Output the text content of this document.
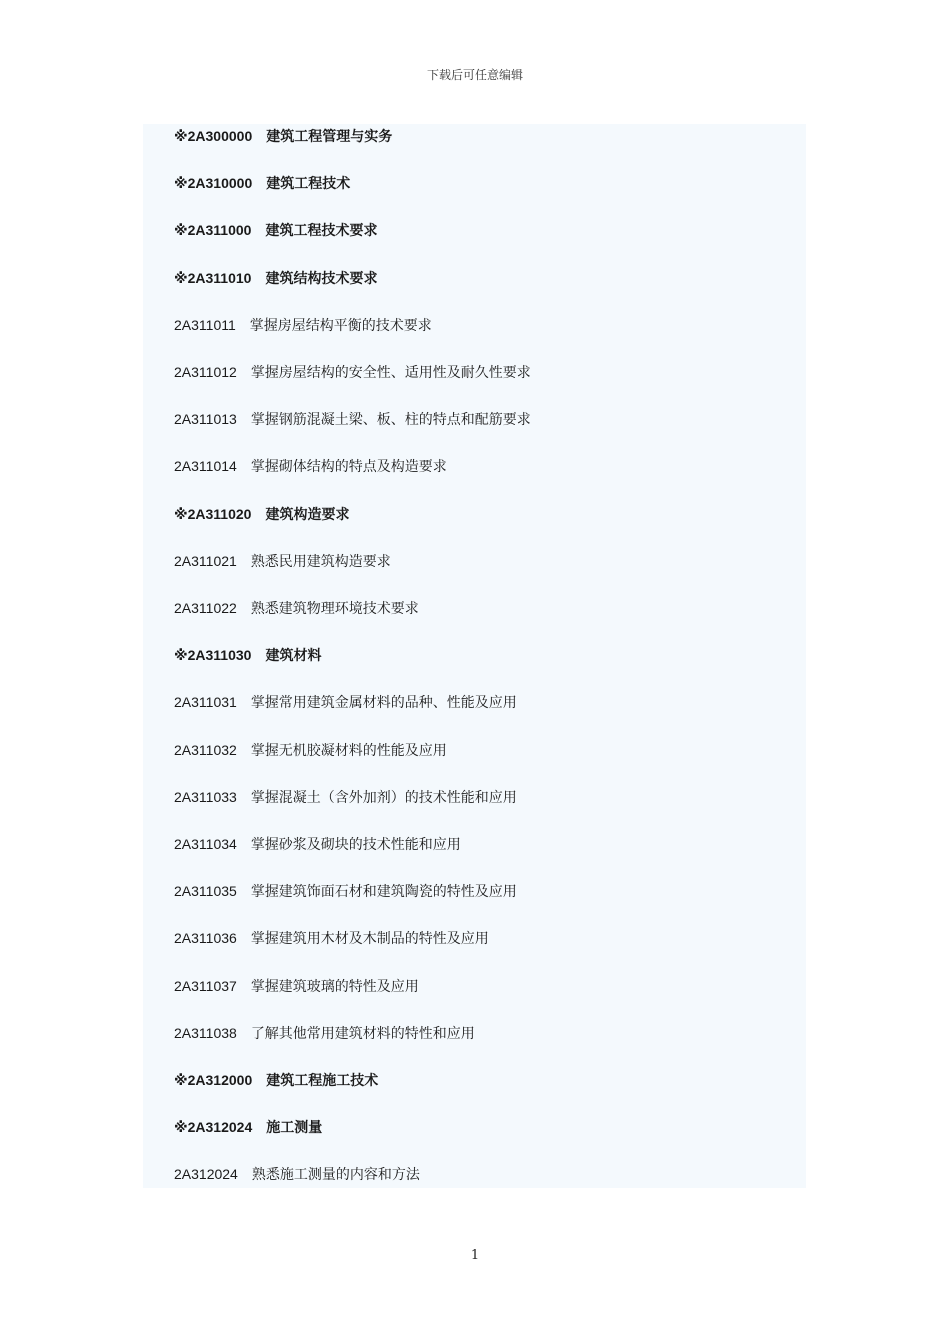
下载后可任意编辑
※2A300000 建筑工程管理与实务
※2A310000 建筑工程技术
※2A311000 建筑工程技术要求
※2A311010 建筑结构技术要求
2A311011 掌握房屋结构平衡的技术要求
2A311012 掌握房屋结构的安全性、适用性及耐久性要求
2A311013 掌握钢筋混凝土梁、板、柱的特点和配筋要求
2A311014 掌握砌体结构的特点及构造要求
※2A311020 建筑构造要求
2A311021 熟悉民用建筑构造要求
2A311022 熟悉建筑物理环境技术要求
※2A311030 建筑材料
2A311031 掌握常用建筑金属材料的品种、性能及应用
2A311032 掌握无机胶凝材料的性能及应用
2A311033 掌握混凝土（含外加剂）的技术性能和应用
2A311034 掌握砂浆及砌块的技术性能和应用
2A311035 掌握建筑饰面石材和建筑陶瓷的特性及应用
2A311036 掌握建筑用木材及木制品的特性及应用
2A311037 掌握建筑玻璃的特性及应用
2A311038 了解其他常用建筑材料的特性和应用
※2A312000 建筑工程施工技术
※2A312024 施工测量
2A312024 熟悉施工测量的内容和方法
1
